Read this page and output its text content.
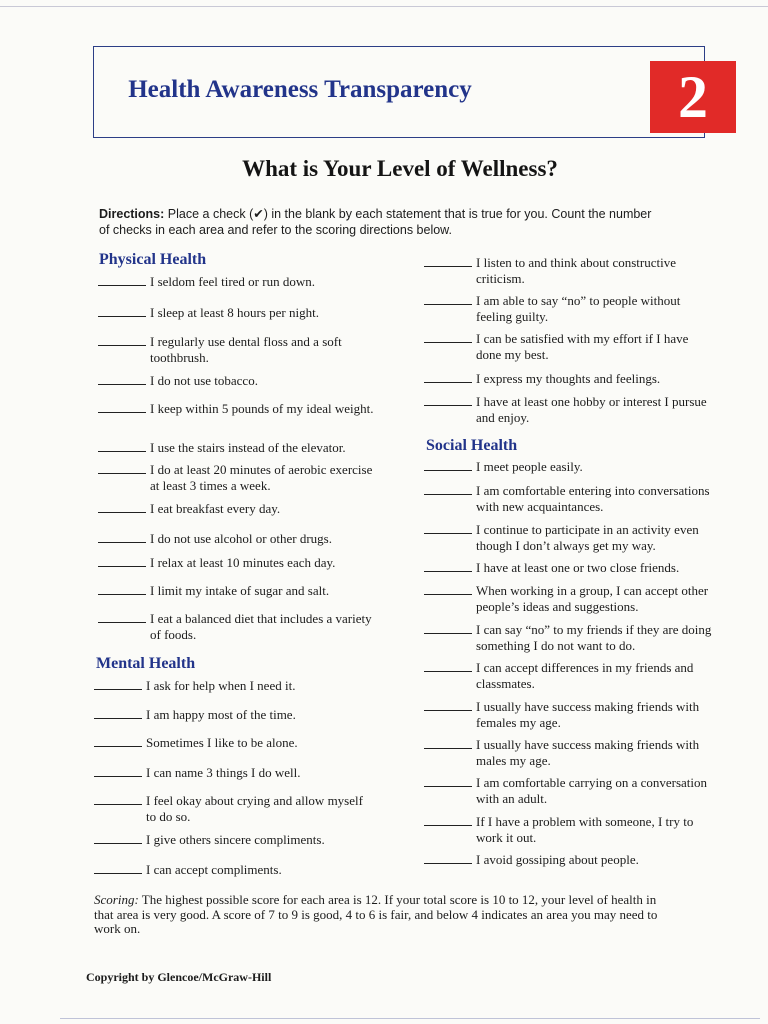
Health Awareness Transparency	2
What is Your Level of Wellness?
Directions: Place a check (✔) in the blank by each statement that is true for you. Count the number of checks in each area and refer to the scoring directions below.
Physical Health
I seldom feel tired or run down.
I sleep at least 8 hours per night.
I regularly use dental floss and a soft toothbrush.
I do not use tobacco.
I keep within 5 pounds of my ideal weight.
I use the stairs instead of the elevator.
I do at least 20 minutes of aerobic exercise at least 3 times a week.
I eat breakfast every day.
I do not use alcohol or other drugs.
I relax at least 10 minutes each day.
I limit my intake of sugar and salt.
I eat a balanced diet that includes a variety of foods.
Mental Health
I ask for help when I need it.
I am happy most of the time.
Sometimes I like to be alone.
I can name 3 things I do well.
I feel okay about crying and allow myself to do so.
I give others sincere compliments.
I can accept compliments.
I listen to and think about constructive criticism.
I am able to say “no” to people without feeling guilty.
I can be satisfied with my effort if I have done my best.
I express my thoughts and feelings.
I have at least one hobby or interest I pursue and enjoy.
Social Health
I meet people easily.
I am comfortable entering into conversations with new acquaintances.
I continue to participate in an activity even though I don’t always get my way.
I have at least one or two close friends.
When working in a group, I can accept other people’s ideas and suggestions.
I can say “no” to my friends if they are doing something I do not want to do.
I can accept differences in my friends and classmates.
I usually have success making friends with females my age.
I usually have success making friends with males my age.
I am comfortable carrying on a conversation with an adult.
If I have a problem with someone, I try to work it out.
I avoid gossiping about people.
Scoring: The highest possible score for each area is 12. If your total score is 10 to 12, your level of health in that area is very good. A score of 7 to 9 is good, 4 to 6 is fair, and below 4 indicates an area you may need to work on.
Copyright by Glencoe/McGraw-Hill
